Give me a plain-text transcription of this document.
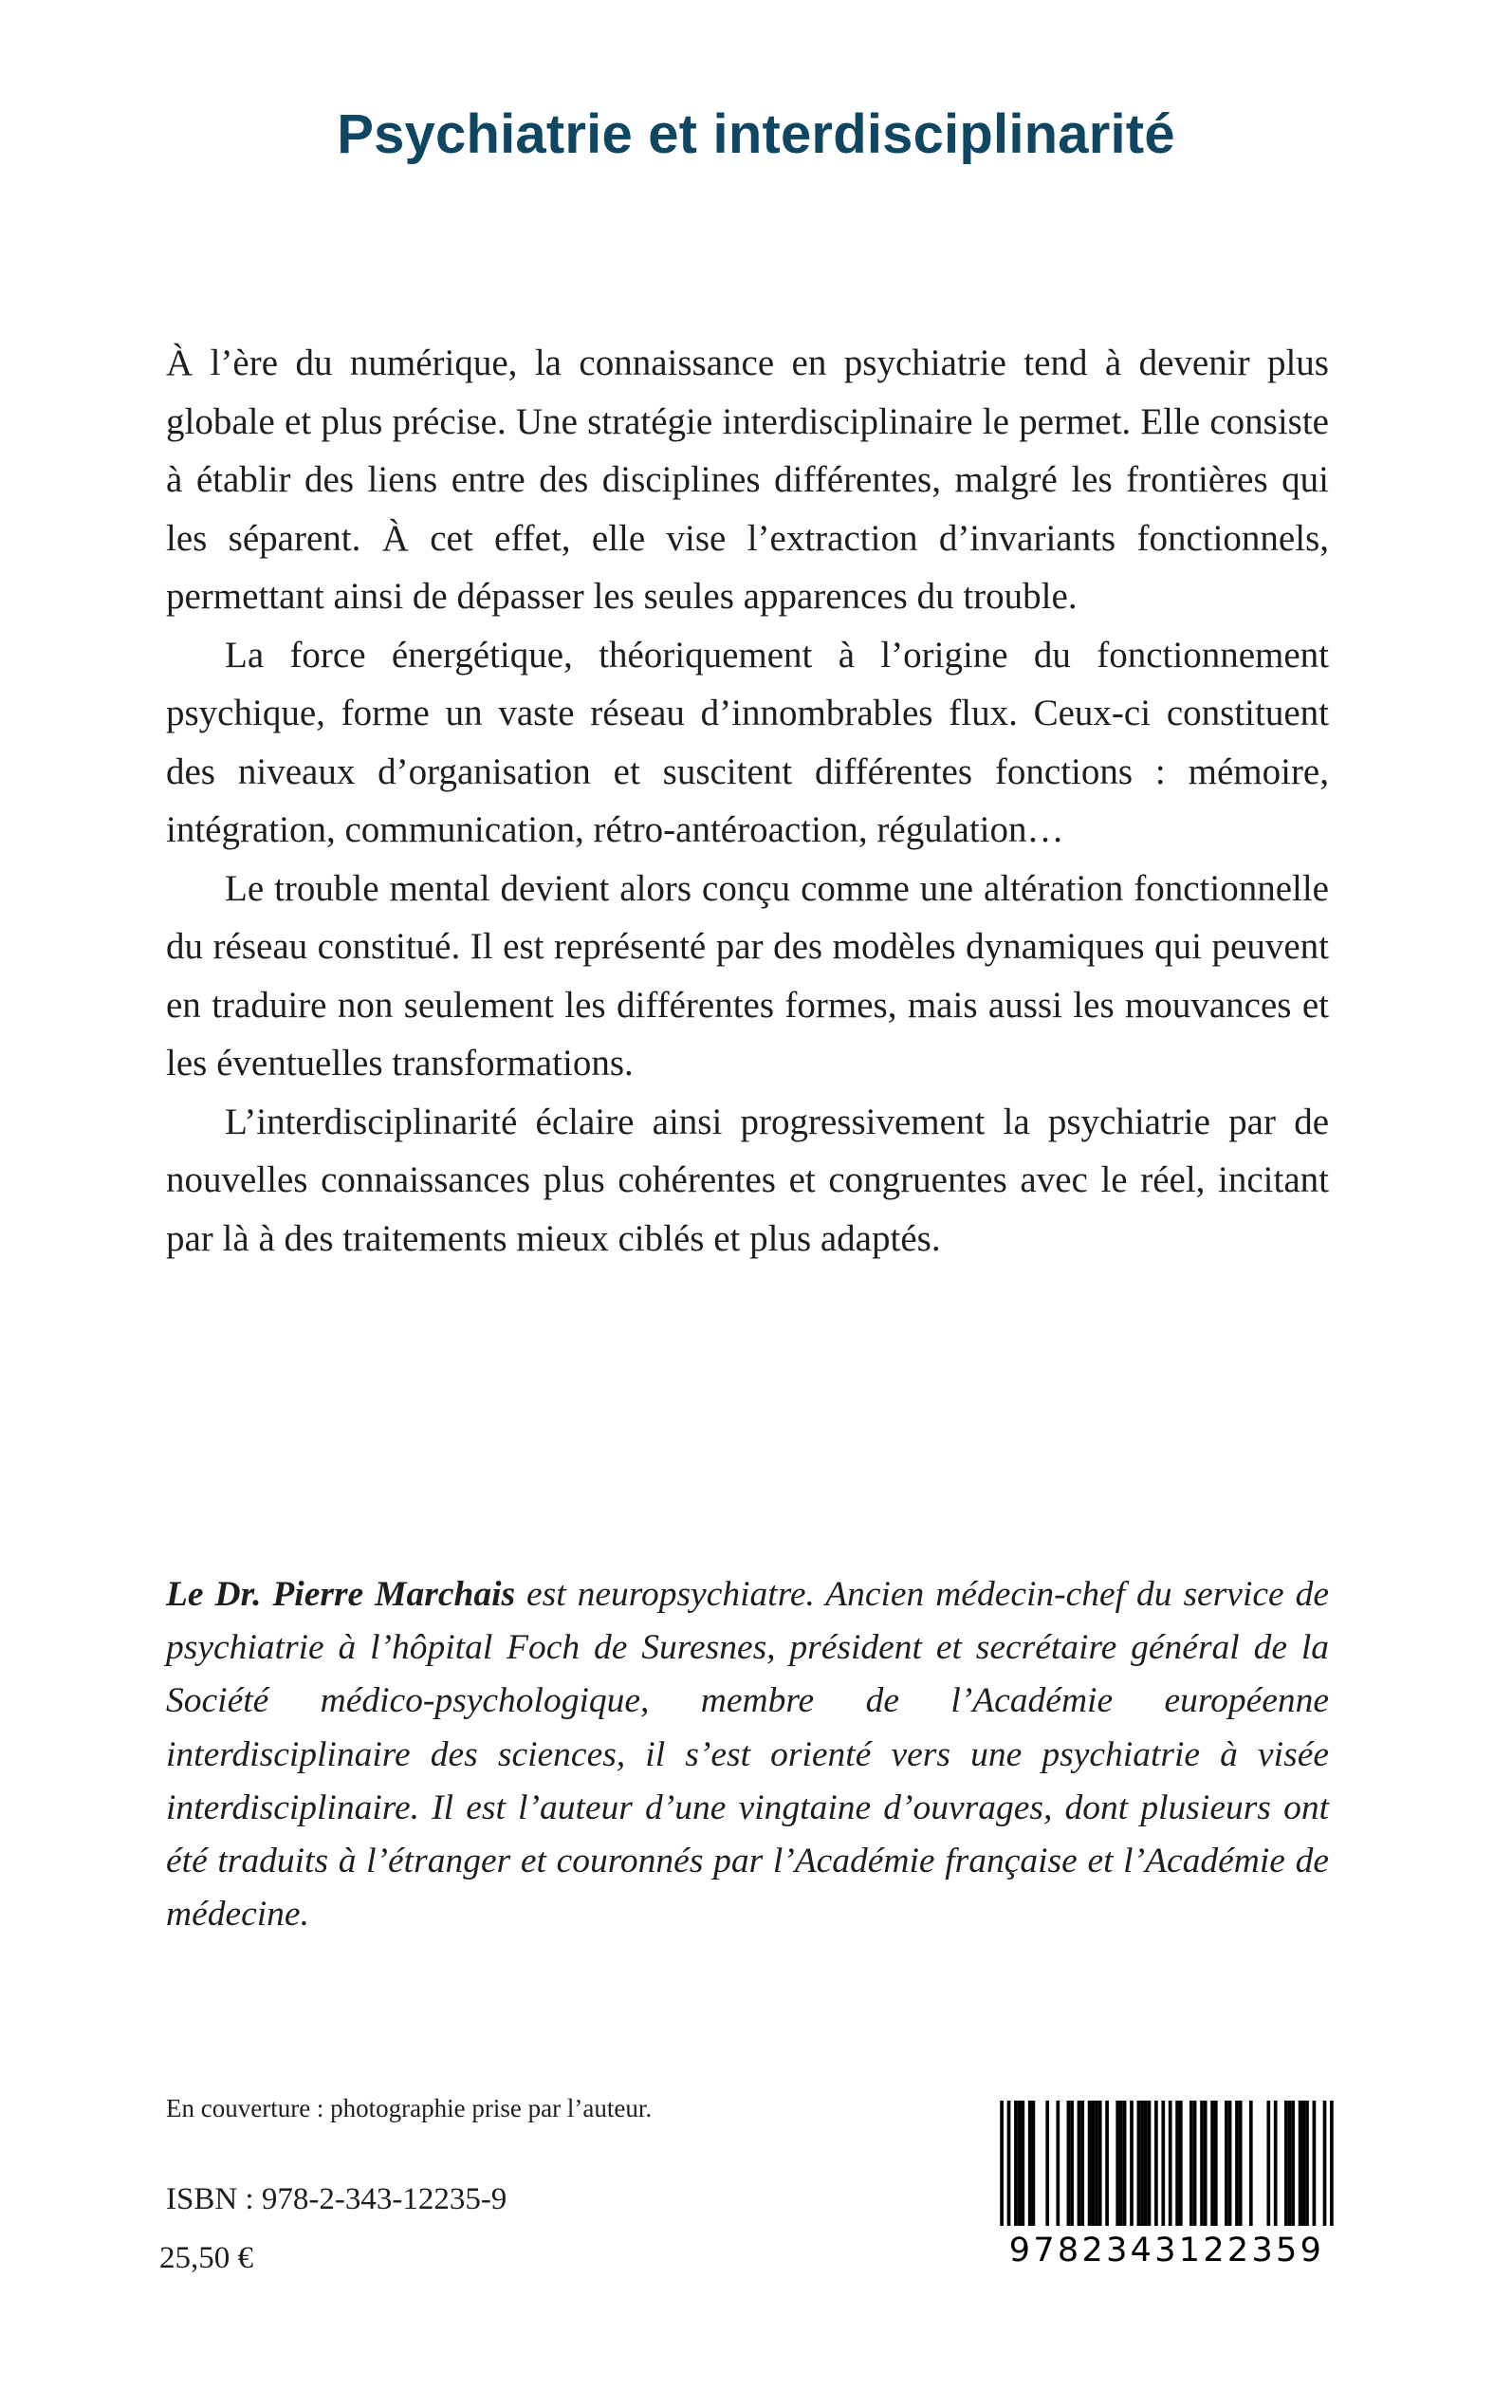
Psychiatrie et interdisciplinarité

À l’ère du numérique, la connaissance en psychiatrie tend à devenir plus globale et plus précise. Une stratégie interdisciplinaire le permet. Elle consiste à établir des liens entre des disciplines différentes, malgré les frontières qui les séparent. À cet effet, elle vise l’extraction d’invariants fonctionnels, permettant ainsi de dépasser les seules apparences du trouble.

La force énergétique, théoriquement à l’origine du fonctionnement psychique, forme un vaste réseau d’innombrables flux. Ceux-ci constituent des niveaux d’organisation et suscitent différentes fonctions : mémoire, intégration, communication, rétro-antéroaction, régulation…

Le trouble mental devient alors conçu comme une altération fonctionnelle du réseau constitué. Il est représenté par des modèles dynamiques qui peuvent en traduire non seulement les différentes formes, mais aussi les mouvances et les éventuelles transformations.

L’interdisciplinarité éclaire ainsi progressivement la psychiatrie par de nouvelles connaissances plus cohérentes et congruentes avec le réel, incitant par là à des traitements mieux ciblés et plus adaptés.

Le Dr. Pierre Marchais est neuropsychiatre. Ancien médecin-chef du service de psychiatrie à l’hôpital Foch de Suresnes, président et secrétaire général de la Société médico-psychologique, membre de l’Académie européenne interdisciplinaire des sciences, il s’est orienté vers une psychiatrie à visée interdisciplinaire. Il est l’auteur d’une vingtaine d’ouvrages, dont plusieurs ont été traduits à l’étranger et couronnés par l’Académie française et l’Académie de médecine.

En couverture : photographie prise par l’auteur.

ISBN : 978-2-343-12235-9

25,50 €	9782343122359
